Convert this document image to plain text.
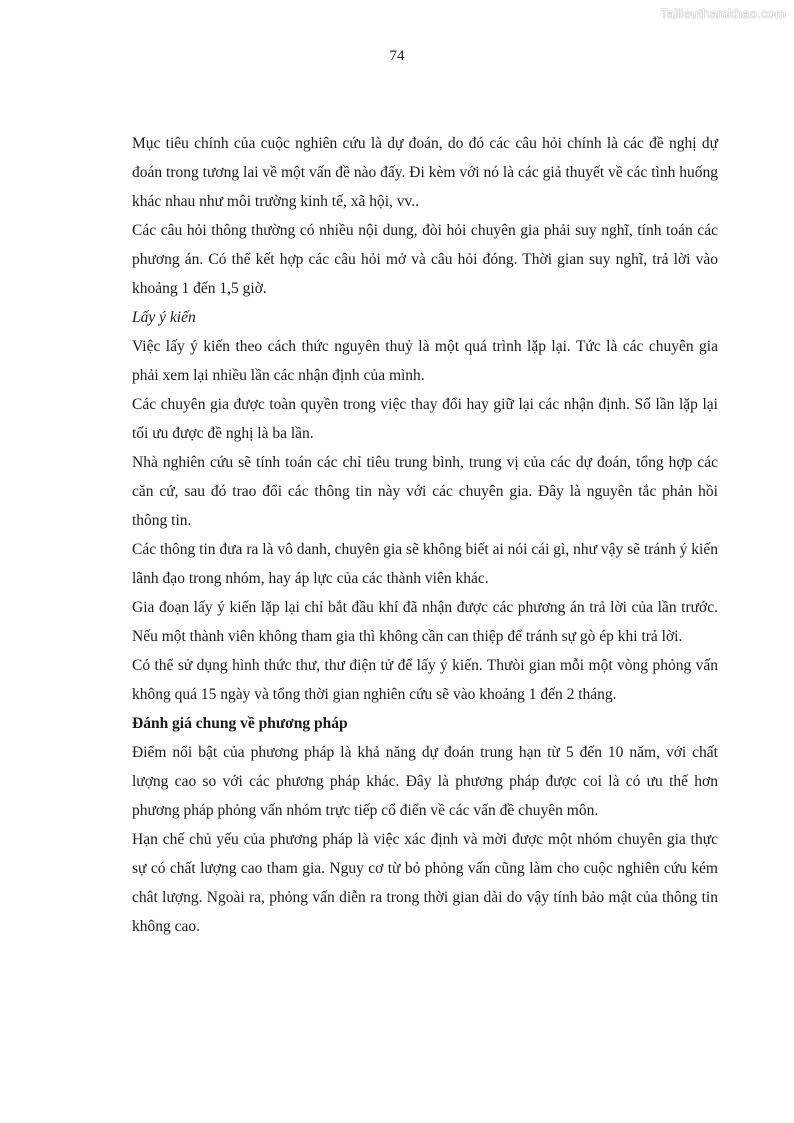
Tailieuthamkhao.com
74

Mục tiêu chính của cuộc nghiên cứu là dự đoán, do đó các câu hỏi chính là các đề nghị dự đoán trong tương lai về một vấn đề nào đấy. Đi kèm với nó là các giả thuyết về các tình huống khác nhau như môi trường kinh tế, xã hội, vv..

Các câu hỏi thông thường có nhiều nội dung, đòi hỏi chuyên gia phải suy nghĩ, tính toán các phương án. Có thể kết hợp các câu hỏi mở và câu hỏi đóng. Thời gian suy nghĩ, trả lời vào khoảng 1 đến 1,5 giờ.

Lấy ý kiến

Việc lấy ý kiến theo cách thức nguyên thuỷ là một quá trình lặp lại. Tức là các chuyên gia phải xem lại nhiều lần các nhận định của mình.

Các chuyên gia được toàn quyền trong việc thay đổi hay giữ lại các nhận định. Số lần lặp lại tối ưu được đề nghị là ba lần.

Nhà nghiên cứu sẽ tính toán các chỉ tiêu trung bình, trung vị của các dự đoán, tổng hợp các căn cứ, sau đó trao đổi các thông tin này với các chuyên gia. Đây là nguyên tắc phản hồi thông tin.

Các thông tin đưa ra là vô danh, chuyên gia sẽ không biết ai nói cái gì, như vậy sẽ tránh ý kiến lãnh đạo trong nhóm, hay áp lực của các thành viên khác.

Gia đoạn lấy ý kiến lặp lại chỉ bắt đầu khí đã nhận được các phương án trả lời của lần trước. Nếu một thành viên không tham gia thì không cần can thiệp để tránh sự gò ép khi trả lời.

Có thể sử dụng hình thức thư, thư điện tử để lấy ý kiến. Thưòi gian mỗi một vòng phỏng vấn không quá 15 ngày và tổng thời gian nghiên cứu sẽ vào khoảng 1 đến 2 tháng.

Đánh giá chung về phương pháp

Điểm nổi bật của phương pháp là khả năng dự đoán trung hạn từ 5 đến 10 năm, với chất lượng cao so với các phương pháp khác. Đây là phương pháp được coi là có ưu thế hơn phương pháp phỏng vấn nhóm trực tiếp cổ điển về các vấn đề chuyên môn.

Hạn chế chủ yếu của phương pháp là việc xác định và mời được một nhóm chuyên gia thực sự có chất lượng cao tham gia. Nguy cơ từ bỏ phỏng vấn cũng làm cho cuộc nghiên cứu kém chât lượng. Ngoài ra, phỏng vấn diễn ra trong thời gian dài do vậy tính bảo mật của thông tin không cao.
